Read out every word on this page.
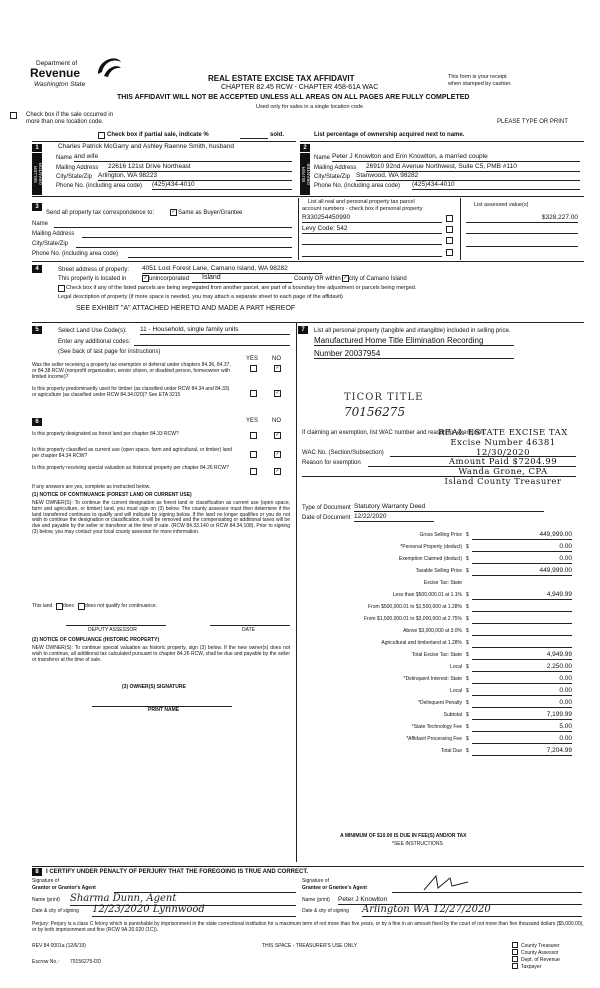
Department of
Revenue
Washington State
REAL ESTATE EXCISE TAX AFFIDAVIT
CHAPTER 82.45 RCW - CHAPTER 458-61A WAC
THIS AFFIDAVIT WILL NOT BE ACCEPTED UNLESS ALL AREAS ON ALL PAGES ARE FULLY COMPLETED
Used only for sales in a single location code
This form is your receipt
when stamped by cashier.
Check box if the sale occurred in
more than one location code.	PLEASE TYPE OR PRINT
Check box if partial sale, indicate %	sold.	List percentage of ownership acquired next to name.
1
SELLER GRANTOR
Charles Patrick McGarry and Ashley Raenne Smith, husband
Name and wife
Mailing Address 22616 121st Drive Northeast
City/State/Zip Arlington, WA 98223
Phone No. (including area code) (425)434-4010
2
BUYER GRANTEE
Name Peter J Knowlton and Erin Knowlton, a married couple
Mailing Address 26910 92nd Avenue Northwest, Suite C5, PMB #110
City/State/Zip Stanwood, WA 98282
Phone No. (including area code) (425)434-4010
3
Send all property tax correspondence to:	✓ Same as Buyer/Grantee
Name
Mailing Address
City/State/Zip
Phone No. (including area code)
List all real and personal property tax parcel
account numbers - check box if personal property
List assessed value(s)
R330254450990	$328,227.00
Levy Code: 542
4	Street address of property: 4051 Lost Forest Lane, Camano Island, WA 98282
This property is located in	✓ unincorporated	Island	County OR within ✓ city of Camano Island
Check box if any of the listed parcels are being segregated from another parcel, are part of a boundary line adjustment or parcels being merged.
Legal description of property (if more space is needed, you may attach a separate sheet to each page of the affidavit)
SEE EXHIBIT "A" ATTACHED HERETO AND MADE A PART HEREOF
5	Select Land Use Code(s): 11 - Household, single family units
Enter any additional codes:
(See back of last page for instructions)
YES NO
Was the seller receiving a property tax exemption or deferral under chapters 84.36, 84.37, or 84.38 RCW (nonprofit organization, senior citizen, or disabled person, homeowner with limited income)?
✓
Is this property predominantly used for timber (as classified under RCW 84.34 and 84.33) or agriculture (as classified under RCW 84.34.020)? See ETA 3215	✓
7	List all personal property (tangible and intangible) included in selling price.
Manufactured Home Title Elimination Recording
Number 20037954
TICOR TITLE
70156275
If claiming an exemption, list WAC number and reason for exemption:
WAC No. (Section/Subsection)
Reason for exemption
REAL ESTATE EXCISE TAX
Excise Number 46381
12/30/2020
Amount Paid $7204.99
Wanda Grone, CPA
Island County Treasurer
6	YES NO
Is this property designated as forest land per chapter 84.33 RCW?	✓
Is this property classified as current use (open space, farm and agricultural, or timber) land per chapter 84.34 RCW?	✓
Is this property receiving special valuation as historical property per chapter 84.26 RCW?	✓
If any answers are yes, complete as instructed below.
(1) NOTICE OF CONTINUANCE (FOREST LAND OR CURRENT USE)
NEW OWNER(S): To continue the current designation as forest land or classification as current use (open space, farm and agriculture, or timber) land, you must sign on (3) below. The county assessor must then determine if the land transferred continues to qualify and will indicate by signing below. If the land no longer qualifies or you do not wish to continue the designation or classification, it will be removed and the compensating or additional taxes will be due and payable by the seller or transferor at the time of sale. (RCW 84.33.140 or RCW 84.34.108). Prior to signing (3) below, you may contact your local county assessor for more information.
This land does does not qualify for continuance.
DEPUTY ASSESSOR	DATE
(2) NOTICE OF COMPLIANCE (HISTORIC PROPERTY)
NEW OWNER(S): To continue special valuation as historic property, sign (3) below. If the new owner(s) does not wish to continue, all additional tax calculated pursuant to chapter 84.26 RCW, shall be due and payable by the seller or transferor at the time of sale.
(3) OWNER(S) SIGNATURE
PRINT NAME
Type of Document Statutory Warranty Deed
Date of Document 12/22/2020
Gross Selling Price $	449,999.00
*Personal Property (deduct) $	0.00
Exemption Claimed (deduct) $	0.00
Taxable Selling Price $	449,999.00
Excise Tax: State
Less than $500,000.01 at 1.1% $	4,949.99
From $500,000.01 to $1,500,000 at 1.28% $
From $1,500,000.01 to $3,000,000 at 2.75% $
Above $3,000,000 at 3.0% $
Agricultural and timberland at 1.28% $
Total Excise Tax: State $	4,949.99
Local $	2,250.00
*Delinquent Interest: State $	0.00
Local $	0.00
*Delinquent Penalty $	0.00
Subtotal $	7,199.99
*State Technology Fee $	5.00
*Affidavit Processing Fee $	0.00
Total Due $	7,204.99
A MINIMUM OF $10.00 IS DUE IN FEE(S) AND/OR TAX
*SEE INSTRUCTIONS
8	I CERTIFY UNDER PENALTY OF PERJURY THAT THE FOREGOING IS TRUE AND CORRECT.
Signature of
Grantor or Grantor's Agent
Name (print) Sharma Dunn, Agent
Date & city of signing 12/23/2020 Lynnwood
Signature of
Grantee or Grantee's Agent
Name (print) Peter J Knowlton
Date & city of signing Arlington WA 12/27/2020
Perjury: Perjury is a class C felony which is punishable by imprisonment in the state correctional institution for a maximum term of not more than five years, or by a fine in an amount fixed by the court of not more than five thousand dollars ($5,000.00), or by both imprisonment and fine (RCW 9A.20.020 (1C)).
REV 84 0001a (12/6/19)	THIS SPACE - TREASURER'S USE ONLY
Escrow No.: 70156275-DD
County Treasurer
County Assessor
Dept. of Revenue
Taxpayer
